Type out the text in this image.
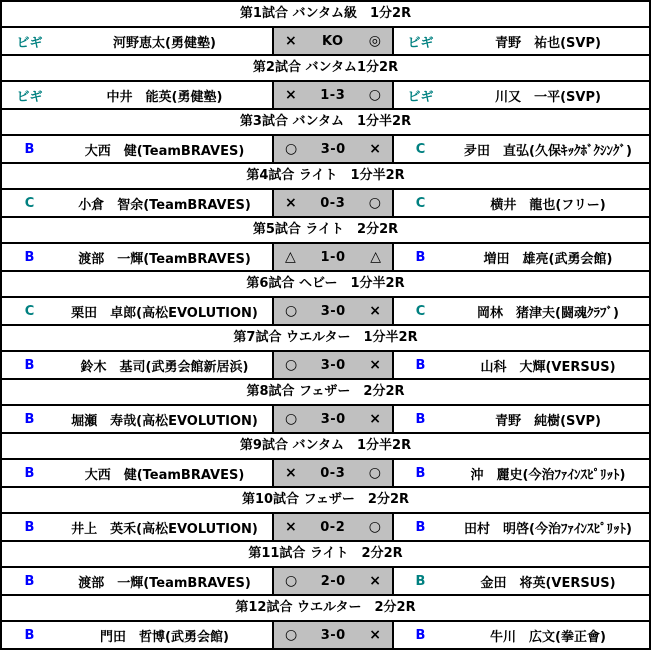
第1試合 バンタム級　1分2R
ビギ	河野恵太(勇健塾)	× KO ◎	ビギ	青野　祐也(SVP)
第2試合 バンタム1分2R
ビギ	中井　能英(勇健塾)	× 1-3 ○	ビギ	川又　一平(SVP)
第3試合 バンタム　1分半2R
B	大西　健(TeamBRAVES)	○ 3-0 ×	C	夛田　直弘(久保ｷｯｸﾎﾞｸｼﾝｸﾞ)
第4試合 ライト　1分半2R
C	小倉　智余(TeamBRAVES)	× 0-3 ○	C	横井　龍也(フリー)
第5試合 ライト　2分2R
B	渡部　一輝(TeamBRAVES)	△ 1-0 △	B	増田　雄亮(武勇会館)
第6試合 ヘビー　1分半2R
C	栗田　卓郎(高松EVOLUTION)	○ 3-0 ×	C	岡林　猪津夫(闘魂ｸﾗﾌﾞ)
第7試合 ウエルター　1分半2R
B	鈴木　基司(武勇会館新居浜)	○ 3-0 ×	B	山科　大輝(VERSUS)
第8試合 フェザー　2分2R
B	堀瀬　寿哉(高松EVOLUTION)	○ 3-0 ×	B	青野　純樹(SVP)
第9試合 バンタム　1分半2R
B	大西　健(TeamBRAVES)	× 0-3 ○	B	沖　麗史(今治ﾌｧｲﾝｽﾋﾟﾘｯﾄ)
第10試合 フェザー　2分2R
B	井上　英禾(高松EVOLUTION)	× 0-2 ○	B	田村　明啓(今治ﾌｧｲﾝｽﾋﾟﾘｯﾄ)
第11試合 ライト　2分2R
B	渡部　一輝(TeamBRAVES)	○ 2-0 ×	B	金田　将英(VERSUS)
第12試合 ウエルター　2分2R
B	門田　哲博(武勇会館)	○ 3-0 ×	B	牛川　広文(拳正會)
